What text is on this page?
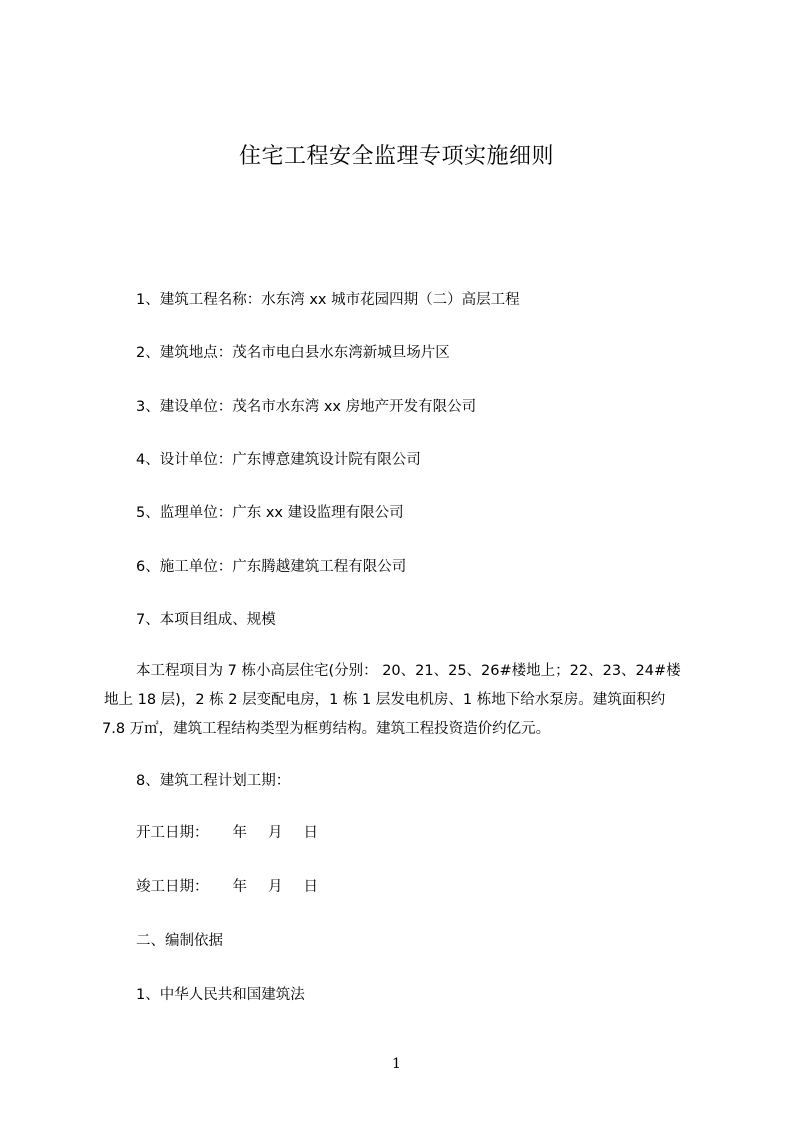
住宅工程安全监理专项实施细则
1、建筑工程名称：水东湾 xx 城市花园四期（二）高层工程
2、建筑地点：茂名市电白县水东湾新城旦场片区
3、建设单位：茂名市水东湾 xx 房地产开发有限公司
4、设计单位：广东博意建筑设计院有限公司
5、监理单位：广东 xx 建设监理有限公司
6、施工单位：广东腾越建筑工程有限公司
7、本项目组成、规模
本工程项目为 7 栋小高层住宅(分别： 20、21、25、26#楼地上；22、23、24#楼
地上 18 层)，2 栋 2 层变配电房，1 栋 1 层发电机房、1 栋地下给水泵房。建筑面积约
7.8 万㎡，建筑工程结构类型为框剪结构。建筑工程投资造价约亿元。
8、建筑工程计划工期：
开工日期： 年 月 日
竣工日期： 年 月 日
二、编制依据
1、中华人民共和国建筑法
1
